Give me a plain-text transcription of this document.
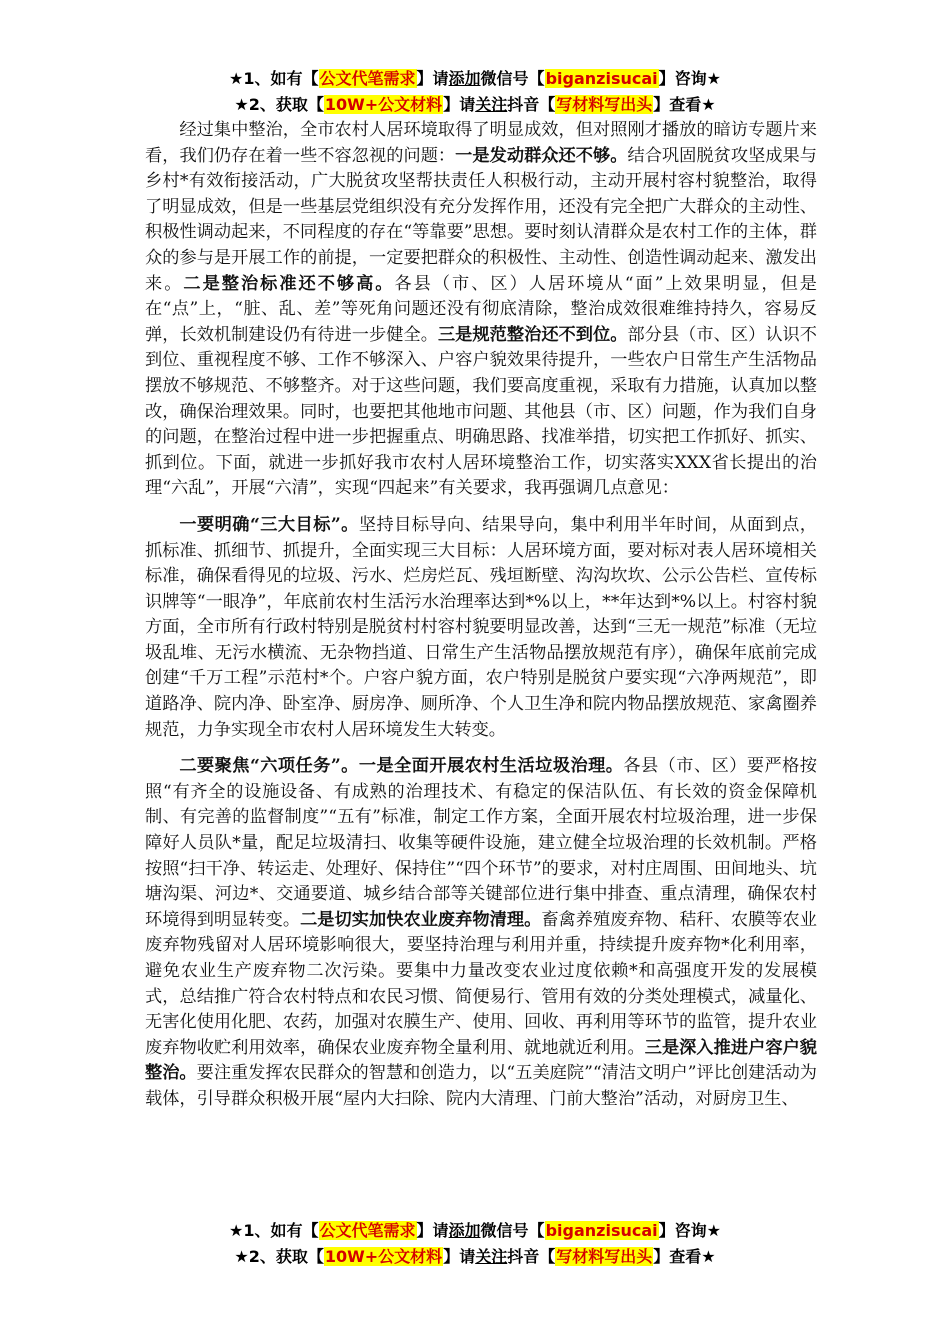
★1、如有【公文代笔需求】请添加微信号【biganzisucai】咨询★
★2、获取【10W+公文材料】请关注抖音【写材料写出头】查看★

经过集中整治，全市农村人居环境取得了明显成效，但对照刚才播放的暗访专题片来看，我们仍存在着一些不容忽视的问题：一是发动群众还不够。结合巩固脱贫攻坚成果与乡村*有效衔接活动，广大脱贫攻坚帮扶责任人积极行动，主动开展村容村貌整治，取得了明显成效，但是一些基层党组织没有充分发挥作用，还没有完全把广大群众的主动性、积极性调动起来，不同程度的存在“等靠要”思想。要时刻认清群众是农村工作的主体，群众的参与是开展工作的前提，一定要把群众的积极性、主动性、创造性调动起来、激发出来。二是整治标准还不够高。各县（市、区）人居环境从“面”上效果明显，但是在“点”上，“脏、乱、差”等死角问题还没有彻底清除，整治成效很难维持持久，容易反弹，长效机制建设仍有待进一步健全。三是规范整治还不到位。部分县（市、区）认识不到位、重视程度不够、工作不够深入、户容户貌效果待提升，一些农户日常生产生活物品摆放不够规范、不够整齐。对于这些问题，我们要高度重视，采取有力措施，认真加以整改，确保治理效果。同时，也要把其他地市问题、其他县（市、区）问题，作为我们自身的问题，在整治过程中进一步把握重点、明确思路、找准举措，切实把工作抓好、抓实、抓到位。下面，就进一步抓好我市农村人居环境整治工作，切实落实XXX省长提出的治理“六乱”，开展“六清”，实现“四起来”有关要求，我再强调几点意见：

一要明确“三大目标”。坚持目标导向、结果导向，集中利用半年时间，从面到点，抓标准、抓细节、抓提升，全面实现三大目标：人居环境方面，要对标对表人居环境相关标准，确保看得见的垃圾、污水、烂房烂瓦、残垣断壁、沟沟坎坎、公示公告栏、宣传标识牌等“一眼净”，年底前农村生活污水治理率达到*%以上，**年达到*%以上。村容村貌方面，全市所有行政村特别是脱贫村村容村貌要明显改善，达到“三无一规范”标准（无垃圾乱堆、无污水横流、无杂物挡道、日常生产生活物品摆放规范有序），确保年底前完成创建“千万工程”示范村*个。户容户貌方面，农户特别是脱贫户要实现“六净两规范”，即道路净、院内净、卧室净、厨房净、厕所净、个人卫生净和院内物品摆放规范、家禽圈养规范，力争实现全市农村人居环境发生大转变。

二要聚焦“六项任务”。一是全面开展农村生活垃圾治理。各县（市、区）要严格按照“有齐全的设施设备、有成熟的治理技术、有稳定的保洁队伍、有长效的资金保障机制、有完善的监督制度”“五有”标准，制定工作方案，全面开展农村垃圾治理，进一步保障好人员队*量，配足垃圾清扫、收集等硬件设施，建立健全垃圾治理的长效机制。严格按照“扫干净、转运走、处理好、保持住”“四个环节”的要求，对村庄周围、田间地头、坑塘沟渠、河边*、交通要道、城乡结合部等关键部位进行集中排查、重点清理，确保农村环境得到明显转变。二是切实加快农业废弃物清理。畜禽养殖废弃物、秸秆、农膜等农业废弃物残留对人居环境影响很大，要坚持治理与利用并重，持续提升废弃物*化利用率，避免农业生产废弃物二次污染。要集中力量改变农业过度依赖*和高强度开发的发展模式，总结推广符合农村特点和农民习惯、简便易行、管用有效的分类处理模式，减量化、无害化使用化肥、农药，加强对农膜生产、使用、回收、再利用等环节的监管，提升农业废弃物收贮利用效率，确保农业废弃物全量利用、就地就近利用。三是深入推进户容户貌整治。要注重发挥农民群众的智慧和创造力，以“五美庭院”“清洁文明户”评比创建活动为载体，引导群众积极开展“屋内大扫除、院内大清理、门前大整治”活动，对厨房卫生、

★1、如有【公文代笔需求】请添加微信号【biganzisucai】咨询★
★2、获取【10W+公文材料】请关注抖音【写材料写出头】查看★
